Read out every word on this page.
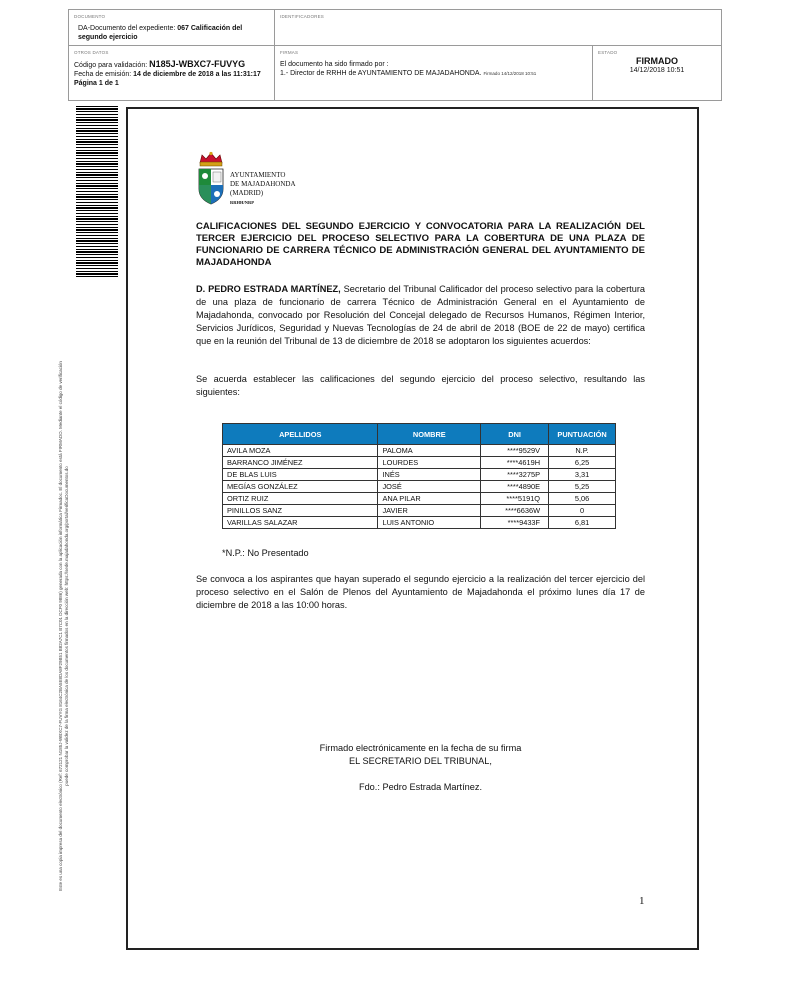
DOCUMENTO
DA-Documento del expediente: 067 Calificación del segundo ejercicio
IDENTIFICADORES
OTROS DATOS
Código para validación: N185J-WBXC7-FUVYG
Fecha de emisión: 14 de diciembre de 2018 a las 11:31:17
Página 1 de 1
FIRMAS
El documento ha sido firmado por :
1.- Director de RRHH de AYUNTAMIENTO DE MAJADAHONDA. Firmado 14/12/2018 10:51
ESTADO
FIRMADO
14/12/2018 10:51
Este es una copia impresa del documento electrónico (Ref: 672121 N185J-WBXC7-FUVYG 8164C2BA5E8DA8F29B51 B82A7C1 B7C01 DCF0 9886) generada con la aplicación informática Firmadoc. El documento está FIRMADO. Mediante el código de verificación puede comprobar la validez de la firma electrónica de los documentos firmados en la dirección web: https://sede.majadahonda.org/portal/verificaDocumentos.do
AYUNTAMIENTO
DE MAJADAHONDA
(MADRID)
RRHH/NRP
CALIFICACIONES DEL SEGUNDO EJERCICIO Y CONVOCATORIA PARA LA REALIZACIÓN DEL TERCER EJERCICIO DEL PROCESO SELECTIVO PARA LA COBERTURA DE UNA PLAZA DE FUNCIONARIO DE CARRERA TÉCNICO DE ADMINISTRACIÓN GENERAL DEL AYUNTAMIENTO DE MAJADAHONDA
D. PEDRO ESTRADA MARTÍNEZ, Secretario del Tribunal Calificador del proceso selectivo para la cobertura de una plaza de funcionario de carrera Técnico de Administración General en el Ayuntamiento de Majadahonda, convocado por Resolución del Concejal delegado de Recursos Humanos, Régimen Interior, Servicios Jurídicos, Seguridad y Nuevas Tecnologías de 24 de abril de 2018 (BOE de 22 de mayo) certifica que en la reunión del Tribunal de 13 de diciembre de 2018 se adoptaron los siguientes acuerdos:
Se acuerda establecer las calificaciones del segundo ejercicio del proceso selectivo, resultando las siguientes:
APELLIDOS	NOMBRE	DNI	PUNTUACIÓN
AVILA MOZA	PALOMA	****9529V	N.P.
BARRANCO JIMÉNEZ	LOURDES	****4619H	6,25
DE BLAS LUIS	INÉS	****3275P	3,31
MEGÍAS GONZÁLEZ	JOSÉ	****4890E	5,25
ORTIZ RUIZ	ANA PILAR	****5191Q	5,06
PINILLOS SANZ	JAVIER	****6636W	0
VARILLAS SALAZAR	LUIS ANTONIO	****9433F	6,81
*N.P.: No Presentado
Se convoca a los aspirantes que hayan superado el segundo ejercicio a la realización del tercer ejercicio del proceso selectivo en el Salón de Plenos del Ayuntamiento de Majadahonda el próximo lunes día 17 de diciembre de 2018 a las 10:00 horas.
Firmado electrónicamente en la fecha de su firma
EL SECRETARIO DEL TRIBUNAL,
Fdo.: Pedro Estrada Martínez.
1
